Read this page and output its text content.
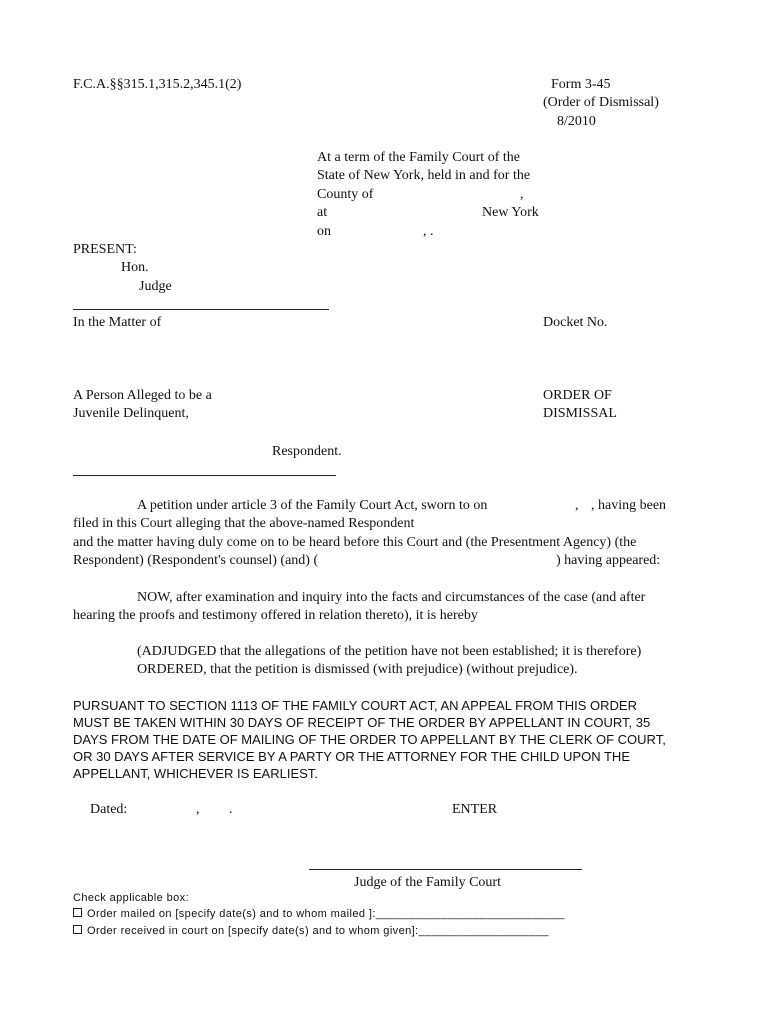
F.C.A.§§315.1,315.2,345.1(2)	Form 3-45
(Order of Dismissal)
8/2010
At a term of the Family Court of the
State of New York, held in and for the
County of	,
at	New York
on	, .
PRESENT:
Hon.
Judge
In the Matter of	Docket No.
A Person Alleged to be a
Juvenile Delinquent,
ORDER OF
DISMISSAL
Respondent.
A petition under article 3 of the Family Court Act, sworn to on	, , having been
filed in this Court alleging that the above-named Respondent
and the matter having duly come on to be heard before this Court and (the Presentment Agency) (the
Respondent) (Respondent's counsel) (and) (	) having appeared:
NOW, after examination and inquiry into the facts and circumstances of the case (and after
hearing the proofs and testimony offered in relation thereto), it is hereby
(ADJUDGED that the allegations of the petition have not been established; it is therefore)
ORDERED, that the petition is dismissed (with prejudice) (without prejudice).
PURSUANT TO SECTION 1113 OF THE FAMILY COURT ACT, AN APPEAL FROM THIS ORDER
MUST BE TAKEN WITHIN 30 DAYS OF RECEIPT OF THE ORDER BY APPELLANT IN COURT, 35
DAYS FROM THE DATE OF MAILING OF THE ORDER TO APPELLANT BY THE CLERK OF COURT,
OR 30 DAYS AFTER SERVICE BY A PARTY OR THE ATTORNEY FOR THE CHILD UPON THE
APPELLANT, WHICHEVER IS EARLIEST.
Dated:	, .	ENTER
Judge of the Family Court
Check applicable box:
Order mailed on [specify date(s) and to whom mailed ]:_____________________________
Order received in court on [specify date(s) and to whom given]:____________________
